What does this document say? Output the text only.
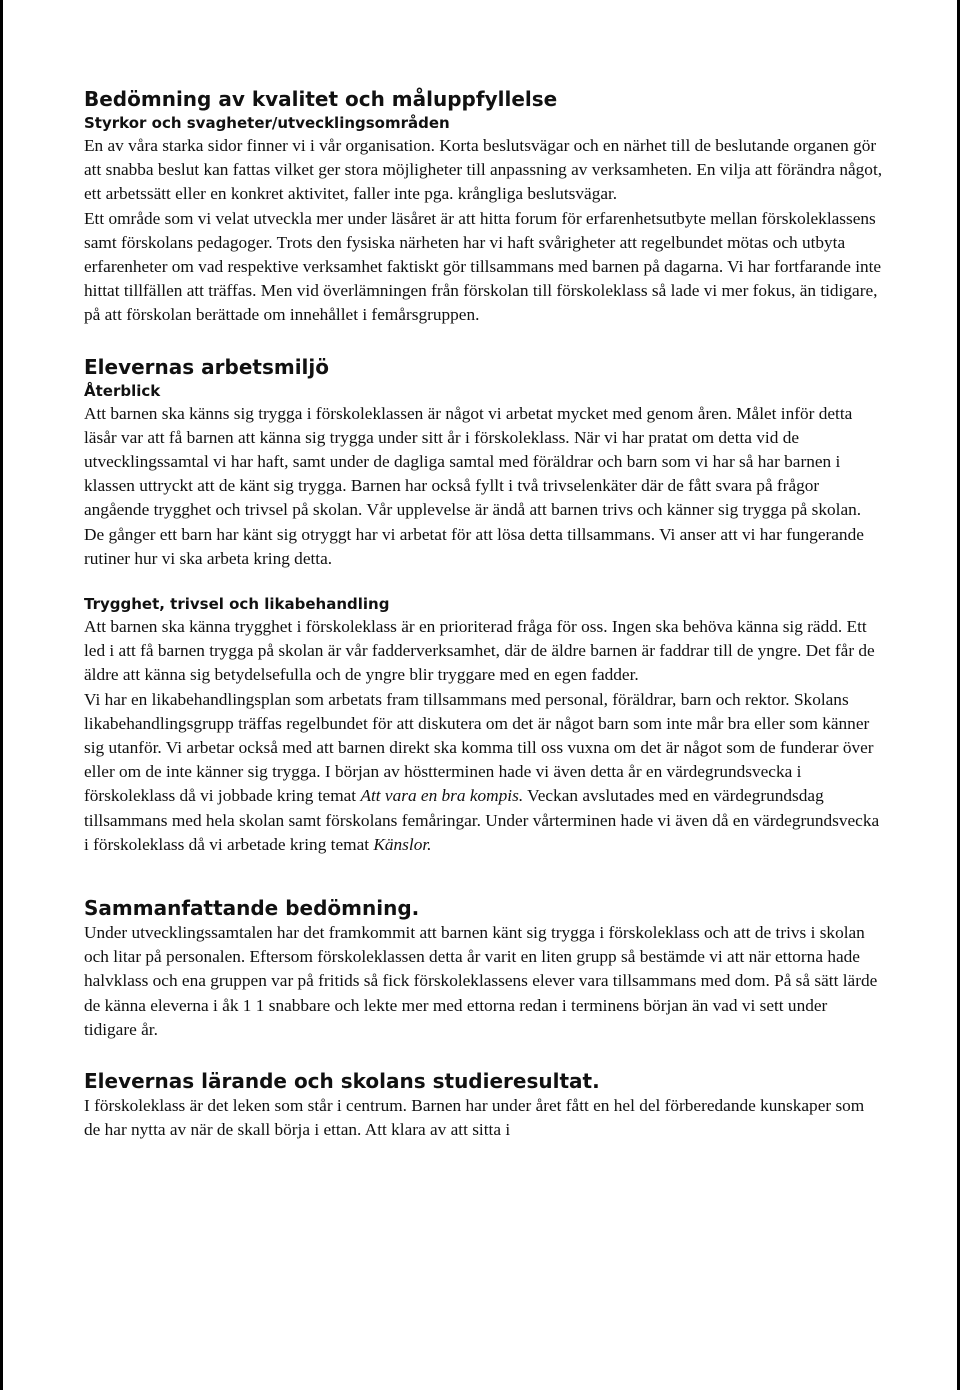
Bedömning av kvalitet och måluppfyllelse
Styrkor och svagheter/utvecklingsområden

En av våra starka sidor finner vi i vår organisation. Korta beslutsvägar och en närhet till de beslutande organen gör att snabba beslut kan fattas vilket ger stora möjligheter till anpassning av verksamheten. En vilja att förändra något, ett arbetssätt eller en konkret aktivitet, faller inte pga. krångliga beslutsvägar.

Ett område som vi velat utveckla mer under läsåret är att hitta forum för erfarenhetsutbyte mellan förskoleklassens samt förskolans pedagoger. Trots den fysiska närheten har vi haft svårigheter att regelbundet mötas och utbyta erfarenheter om vad respektive verksamhet faktiskt gör tillsammans med barnen på dagarna. Vi har fortfarande inte hittat tillfällen att träffas. Men vid överlämningen från förskolan till förskoleklass så lade vi mer fokus, än tidigare, på att förskolan berättade om innehållet i femårsgruppen.

Elevernas arbetsmiljö
Återblick

Att barnen ska känns sig trygga i förskoleklassen är något vi arbetat mycket med genom åren. Målet inför detta läsår var att få barnen att känna sig trygga under sitt år i förskoleklass. När vi har pratat om detta vid de utvecklingssamtal vi har haft, samt under de dagliga samtal med föräldrar och barn som vi har så har barnen i klassen uttryckt att de känt sig trygga. Barnen har också fyllt i två trivselenkäter där de fått svara på frågor angående trygghet och trivsel på skolan. Vår upplevelse är ändå att barnen trivs och känner sig trygga på skolan. De gånger ett barn har känt sig otryggt har vi arbetat för att lösa detta tillsammans. Vi anser att vi har fungerande rutiner hur vi ska arbeta kring detta.

Trygghet, trivsel och likabehandling

Att barnen ska känna trygghet i förskoleklass är en prioriterad fråga för oss. Ingen ska behöva känna sig rädd. Ett led i att få barnen trygga på skolan är vår fadderverksamhet, där de äldre barnen är faddrar till de yngre. Det får de äldre att känna sig betydelsefulla och de yngre blir tryggare med en egen fadder.

Vi har en likabehandlingsplan som arbetats fram tillsammans med personal, föräldrar, barn och rektor. Skolans likabehandlingsgrupp träffas regelbundet för att diskutera om det är något barn som inte mår bra eller som känner sig utanför. Vi arbetar också med att barnen direkt ska komma till oss vuxna om det är något som de funderar över eller om de inte känner sig trygga. I början av höstterminen hade vi även detta år en värdegrundsvecka i förskoleklass då vi jobbade kring temat Att vara en bra kompis. Veckan avslutades med en värdegrundsdag tillsammans med hela skolan samt förskolans femåringar. Under vårterminen hade vi även då en värdegrundsvecka i förskoleklass då vi arbetade kring temat Känslor.

Sammanfattande bedömning.

Under utvecklingssamtalen har det framkommit att barnen känt sig trygga i förskoleklass och att de trivs i skolan och litar på personalen. Eftersom förskoleklassen detta år varit en liten grupp så bestämde vi att när ettorna hade halvklass och ena gruppen var på fritids så fick förskoleklassens elever vara tillsammans med dom. På så sätt lärde de känna eleverna i åk 1 1 snabbare och lekte mer med ettorna redan i terminens början än vad vi sett under tidigare år.

Elevernas lärande och skolans studieresultat.

I förskoleklass är det leken som står i centrum. Barnen har under året fått en hel del förberedande kunskaper som de har nytta av när de skall börja i ettan. Att klara av att sitta i
